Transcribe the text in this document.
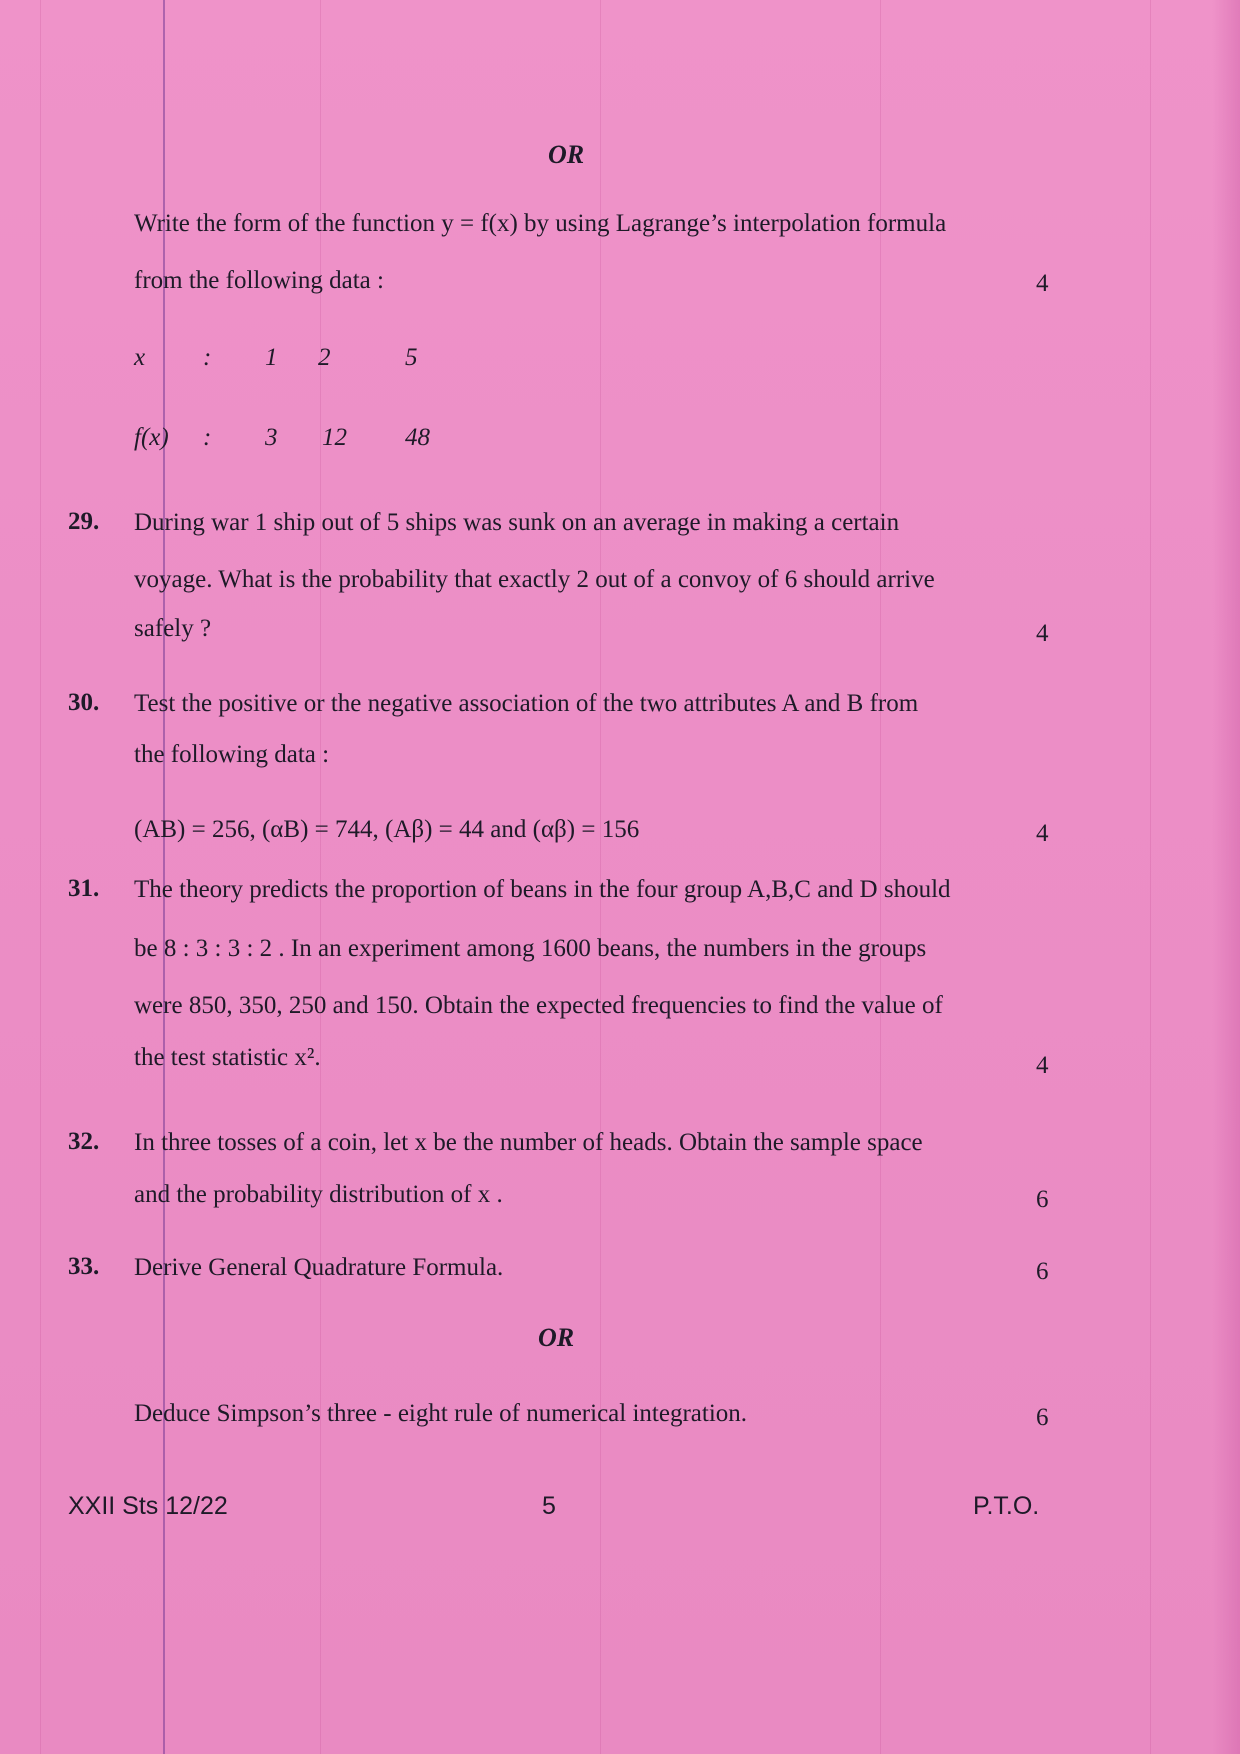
OR
Write the form of the function y = f(x) by using Lagrange’s interpolation formula
from the following data :	4
x : 1 2	5
f(x) : 3 12 48
29. During war 1 ship out of 5 ships was sunk on an average in making a certain
voyage. What is the probability that exactly 2 out of a convoy of 6 should arrive
safely ?	4
30. Test the positive or the negative association of the two attributes A and B from
the following data :
(AB) = 256, (αB) = 744, (Aβ) = 44 and (αβ) = 156	4
31. The theory predicts the proportion of beans in the four group A,B,C and D should
be 8 : 3 : 3 : 2 . In an experiment among 1600 beans, the numbers in the groups
were 850, 350, 250 and 150. Obtain the expected frequencies to find the value of
the test statistic x².	4
32. In three tosses of a coin, let x be the number of heads. Obtain the sample space
and the probability distribution of x .	6
33. Derive General Quadrature Formula.	6
OR
Deduce Simpson’s three - eight rule of numerical integration.	6
XXII Sts 12/22	5	P.T.O.
